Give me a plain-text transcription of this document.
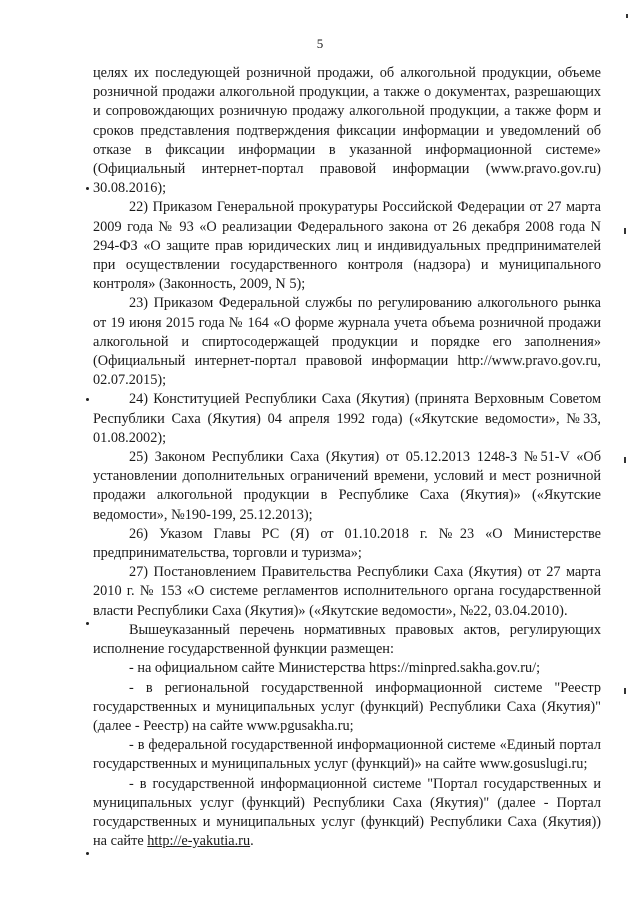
5

целях их последующей розничной продажи, об алкогольной продукции, объеме розничной продажи алкогольной продукции, а также о документах, разрешающих и сопровождающих розничную продажу алкогольной продукции, а также форм и сроков представления подтверждения фиксации информации и уведомлений об отказе в фиксации информации в указанной информационной системе» (Официальный интернет-портал правовой информации (www.pravo.gov.ru) 30.08.2016);

22) Приказом Генеральной прокуратуры Российской Федерации от 27 марта 2009 года № 93 «О реализации Федерального закона от 26 декабря 2008 года N 294-ФЗ «О защите прав юридических лиц и индивидуальных предпринимателей при осуществлении государственного контроля (надзора) и муниципального контроля» (Законность, 2009, N 5);

23) Приказом Федеральной службы по регулированию алкогольного рынка от 19 июня 2015 года № 164 «О форме журнала учета объема розничной продажи алкогольной и спиртосодержащей продукции и порядке его заполнения» (Официальный интернет-портал правовой информации http://www.pravo.gov.ru, 02.07.2015);

24) Конституцией Республики Саха (Якутия) (принята Верховным Советом Республики Саха (Якутия) 04 апреля 1992 года) («Якутские ведомости», №33, 01.08.2002);

25) Законом Республики Саха (Якутия) от 05.12.2013 1248-З №51-V «Об установлении дополнительных ограничений времени, условий и мест розничной продажи алкогольной продукции в Республике Саха (Якутия)» («Якутские ведомости», №190-199, 25.12.2013);

26) Указом Главы РС (Я) от 01.10.2018 г. №23 «О Министерстве предпринимательства, торговли и туризма»;

27) Постановлением Правительства Республики Саха (Якутия) от 27 марта 2010 г. № 153 «О системе регламентов исполнительного органа государственной власти Республики Саха (Якутия)» («Якутские ведомости», №22, 03.04.2010).

Вышеуказанный перечень нормативных правовых актов, регулирующих исполнение государственной функции размещен:

- на официальном сайте Министерства https://minpred.sakha.gov.ru/;

- в региональной государственной информационной системе "Реестр государственных и муниципальных услуг (функций) Республики Саха (Якутия)" (далее - Реестр) на сайте www.pgusakha.ru;

- в федеральной государственной информационной системе «Единый портал государственных и муниципальных услуг (функций)» на сайте www.gosuslugi.ru;

- в государственной информационной системе "Портал государственных и муниципальных услуг (функций) Республики Саха (Якутия)" (далее - Портал государственных и муниципальных услуг (функций) Республики Саха (Якутия)) на сайте http://e-yakutia.ru.
